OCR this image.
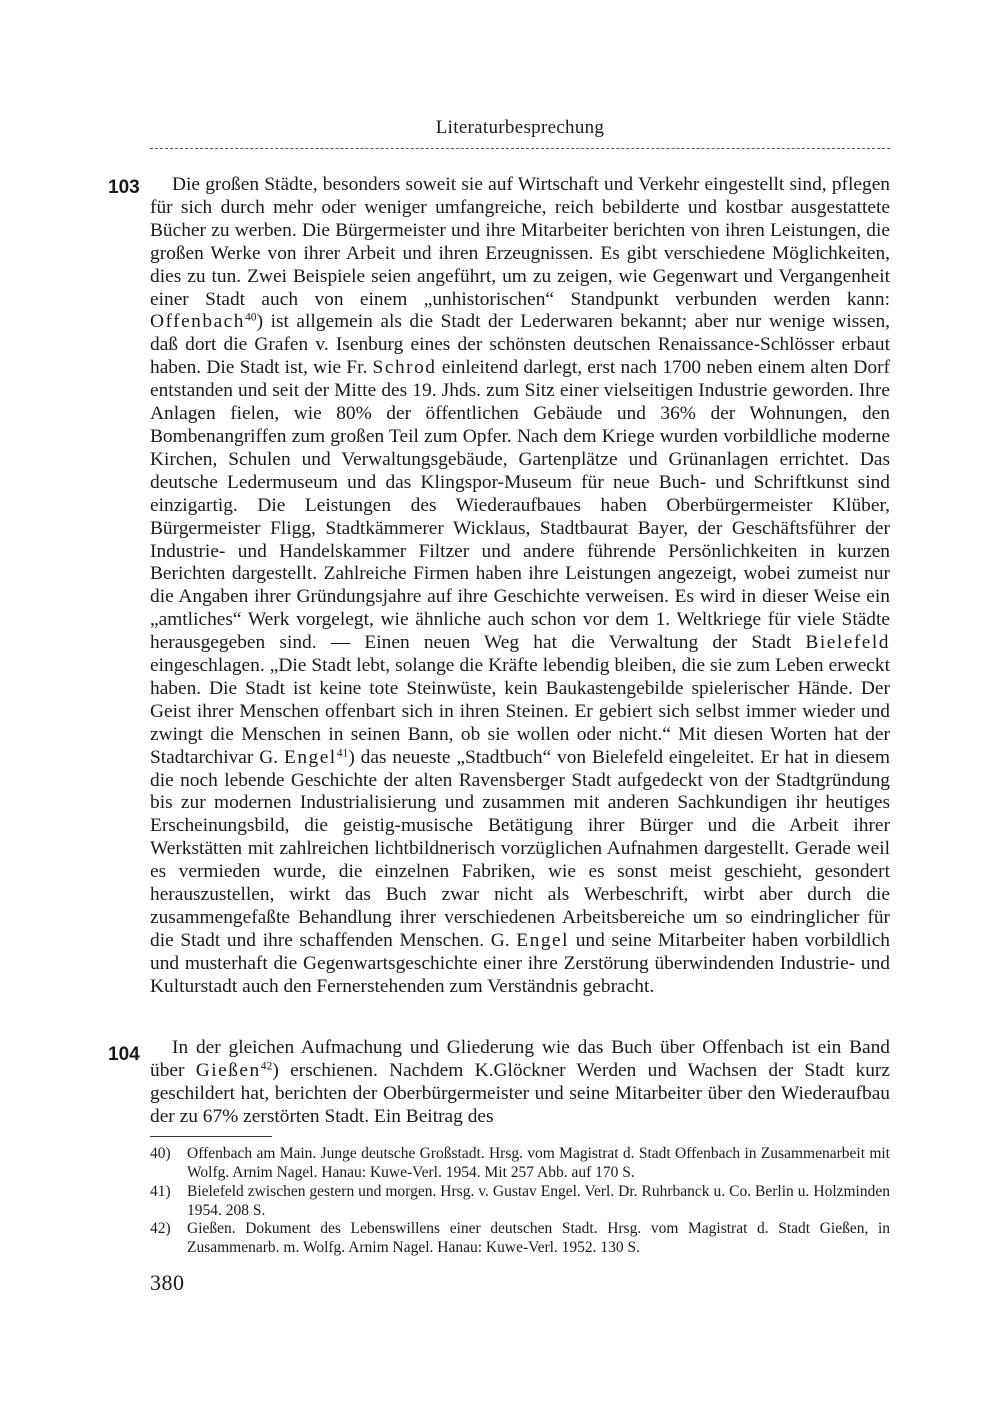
Literaturbesprechung
103	Die großen Städte, besonders soweit sie auf Wirtschaft und Verkehr eingestellt sind, pflegen für sich durch mehr oder weniger umfangreiche, reich bebilderte und kostbar ausgestattete Bücher zu werben. Die Bürgermeister und ihre Mitarbeiter berichten von ihren Leistungen, die großen Werke von ihrer Arbeit und ihren Erzeugnissen. Es gibt verschiedene Möglichkeiten, dies zu tun. Zwei Beispiele seien angeführt, um zu zeigen, wie Gegenwart und Vergangenheit einer Stadt auch von einem „unhistorischen“ Standpunkt verbunden werden kann: Offenbach$^{40}$) ist allgemein als die Stadt der Lederwaren bekannt; aber nur wenige wissen, daß dort die Grafen v. Isenburg eines der schönsten deutschen Renaissance-Schlösser erbaut haben. Die Stadt ist, wie Fr. Schrod einleitend darlegt, erst nach 1700 neben einem alten Dorf entstanden und seit der Mitte des 19. Jhds. zum Sitz einer vielseitigen Industrie geworden. Ihre Anlagen fielen, wie 80% der öffentlichen Gebäude und 36% der Wohnungen, den Bombenangriffen zum großen Teil zum Opfer. Nach dem Kriege wurden vorbildliche moderne Kirchen, Schulen und Verwaltungsgebäude, Gartenplätze und Grünanlagen errichtet. Das deutsche Ledermuseum und das Klingspor-Museum für neue Buch- und Schriftkunst sind einzigartig. Die Leistungen des Wiederaufbaues haben Oberbürgermeister Klüber, Bürgermeister Fligg, Stadtkämmerer Wicklaus, Stadtbaurat Bayer, der Geschäftsführer der Industrie- und Handelskammer Filtzer und andere führende Persönlichkeiten in kurzen Berichten dargestellt. Zahlreiche Firmen haben ihre Leistungen angezeigt, wobei zumeist nur die Angaben ihrer Gründungsjahre auf ihre Geschichte verweisen. Es wird in dieser Weise ein „amtliches“ Werk vorgelegt, wie ähnliche auch schon vor dem 1. Weltkriege für viele Städte herausgegeben sind. — Einen neuen Weg hat die Verwaltung der Stadt Bielefeld eingeschlagen. „Die Stadt lebt, solange die Kräfte lebendig bleiben, die sie zum Leben erweckt haben. Die Stadt ist keine tote Steinwüste, kein Baukastengebilde spielerischer Hände. Der Geist ihrer Menschen offenbart sich in ihren Steinen. Er gebiert sich selbst immer wieder und zwingt die Menschen in seinen Bann, ob sie wollen oder nicht.“ Mit diesen Worten hat der Stadtarchivar G. Engel$^{41}$) das neueste „Stadtbuch“ von Bielefeld eingeleitet. Er hat in diesem die noch lebende Geschichte der alten Ravensberger Stadt aufgedeckt von der Stadtgründung bis zur modernen Industrialisierung und zusammen mit anderen Sachkundigen ihr heutiges Erscheinungsbild, die geistig-musische Betätigung ihrer Bürger und die Arbeit ihrer Werkstätten mit zahlreichen lichtbildnerisch vorzüglichen Aufnahmen dargestellt. Gerade weil es vermieden wurde, die einzelnen Fabriken, wie es sonst meist geschieht, gesondert herauszustellen, wirkt das Buch zwar nicht als Werbeschrift, wirbt aber durch die zusammengefaßte Behandlung ihrer verschiedenen Arbeitsbereiche um so eindringlicher für die Stadt und ihre schaffenden Menschen. G. Engel und seine Mitarbeiter haben vorbildlich und musterhaft die Gegenwartsgeschichte einer ihre Zerstörung überwindenden Industrie- und Kulturstadt auch den Fernerstehenden zum Verständnis gebracht.
104	In der gleichen Aufmachung und Gliederung wie das Buch über Offenbach ist ein Band über Gießen$^{42}$) erschienen. Nachdem K.Glöckner Werden und Wachsen der Stadt kurz geschildert hat, berichten der Oberbürgermeister und seine Mitarbeiter über den Wiederaufbau der zu 67% zerstörten Stadt. Ein Beitrag des
40)	Offenbach am Main. Junge deutsche Großstadt. Hrsg. vom Magistrat d. Stadt Offenbach in Zusammenarbeit mit Wolfg. Arnim Nagel. Hanau: Kuwe-Verl. 1954. Mit 257 Abb. auf 170 S.
41)	Bielefeld zwischen gestern und morgen. Hrsg. v. Gustav Engel. Verl. Dr. Ruhrbanck u. Co. Berlin u. Holzminden 1954. 208 S.
42)	Gießen. Dokument des Lebenswillens einer deutschen Stadt. Hrsg. vom Magistrat d. Stadt Gießen, in Zusammenarb. m. Wolfg. Arnim Nagel. Hanau: Kuwe-Verl. 1952. 130 S.
380
